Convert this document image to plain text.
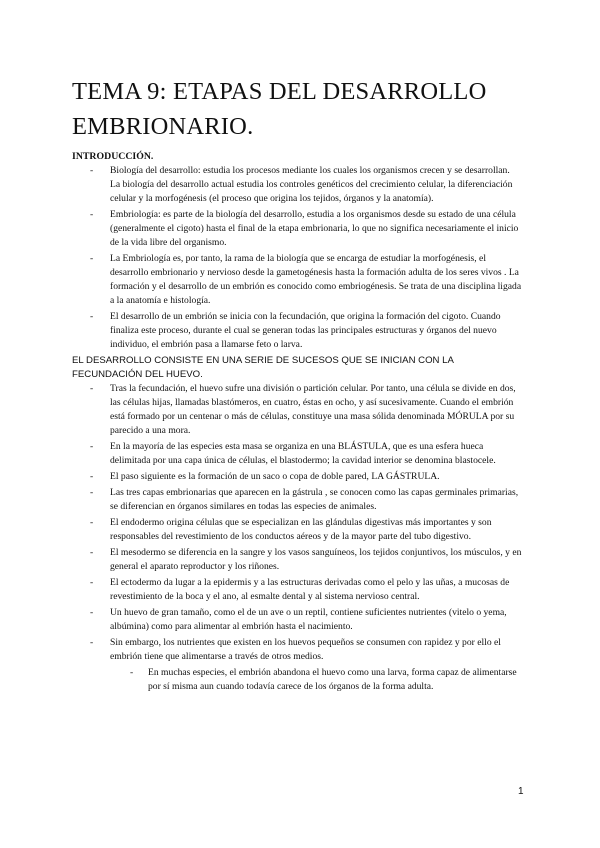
TEMA 9: ETAPAS DEL DESARROLLO EMBRIONARIO.

INTRODUCCIÓN.

- Biología del desarrollo: estudia los procesos mediante los cuales los organismos crecen y se desarrollan. La biología del desarrollo actual estudia los controles genéticos del crecimiento celular, la diferenciación celular y la morfogénesis (el proceso que origina los tejidos, órganos y la anatomía).
- Embriología: es parte de la biología del desarrollo, estudia a los organismos desde su estado de una célula (generalmente el cigoto) hasta el final de la etapa embrionaria, lo que no significa necesariamente el inicio de la vida libre del organismo.
- La Embriología es, por tanto, la rama de la biología que se encarga de estudiar la morfogénesis, el desarrollo embrionario y nervioso desde la gametogénesis hasta la formación adulta de los seres vivos . La formación y el desarrollo de un embrión es conocido como embriogénesis. Se trata de una disciplina ligada a la anatomía e histología.
- El desarrollo de un embrión se inicia con la fecundación, que origina la formación del cigoto. Cuando finaliza este proceso, durante el cual se generan todas las principales estructuras y órganos del nuevo individuo, el embrión pasa a llamarse feto o larva.

EL DESARROLLO CONSISTE EN UNA SERIE DE SUCESOS QUE SE INICIAN CON LA FECUNDACIÓN DEL HUEVO.

- Tras la fecundación, el huevo sufre una división o partición celular. Por tanto, una célula se divide en dos, las células hijas, llamadas blastómeros, en cuatro, éstas en ocho, y así sucesivamente. Cuando el embrión está formado por un centenar o más de células, constituye una masa sólida denominada MÓRULA por su parecido a una mora.
- En la mayoría de las especies esta masa se organiza en una BLÁSTULA, que es una esfera hueca delimitada por una capa única de células, el blastodermo; la cavidad interior se denomina blastocele.
- El paso siguiente es la formación de un saco o copa de doble pared, LA GÁSTRULA.
- Las tres capas embrionarias que aparecen en la gástrula , se conocen como las capas germinales primarias, se diferencian en órganos similares en todas las especies de animales.
- El endodermo origina células que se especializan en las glándulas digestivas más importantes y son responsables del revestimiento de los conductos aéreos y de la mayor parte del tubo digestivo.
- El mesodermo se diferencia en la sangre y los vasos sanguíneos, los tejidos conjuntivos, los músculos, y en general el aparato reproductor y los riñones.
- El ectodermo da lugar a la epidermis y a las estructuras derivadas como el pelo y las uñas, a mucosas de revestimiento de la boca y el ano, al esmalte dental y al sistema nervioso central.
- Un huevo de gran tamaño, como el de un ave o un reptil, contiene suficientes nutrientes (vitelo o yema, albúmina) como para alimentar al embrión hasta el nacimiento.
- Sin embargo, los nutrientes que existen en los huevos pequeños se consumen con rapidez y por ello el embrión tiene que alimentarse a través de otros medios.
- En muchas especies, el embrión abandona el huevo como una larva, forma capaz de alimentarse por sí misma aun cuando todavía carece de los órganos de la forma adulta.
1
